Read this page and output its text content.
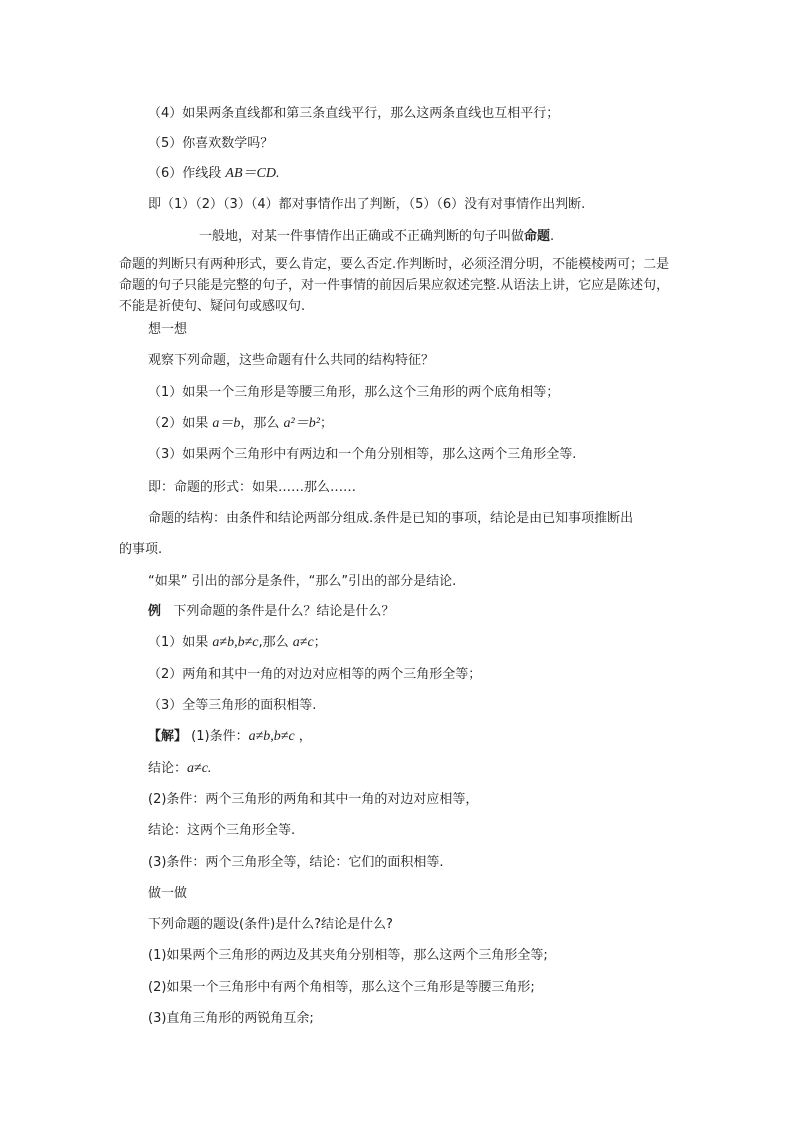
（4）如果两条直线都和第三条直线平行，那么这两条直线也互相平行；
（5）你喜欢数学吗？
（6）作线段 AB＝CD.
即（1）（2）（3）（4）都对事情作出了判断，（5）（6）没有对事情作出判断.
一般地，对某一件事情作出正确或不正确判断的句子叫做命题.
命题的判断只有两种形式，要么肯定，要么否定.作判断时，必须泾渭分明，不能模棱两可；二是命题的句子只能是完整的句子，对一件事情的前因后果应叙述完整.从语法上讲，它应是陈述句，不能是祈使句、疑问句或感叹句.
想一想
观察下列命题，这些命题有什么共同的结构特征？
（1）如果一个三角形是等腰三角形，那么这个三角形的两个底角相等；
（2）如果 a＝b，那么 a²＝b²；
（3）如果两个三角形中有两边和一个角分别相等，那么这两个三角形全等.
即：命题的形式：如果……那么……
命题的结构：由条件和结论两部分组成.条件是已知的事项，结论是由已知事项推断出
的事项.
“如果” 引出的部分是条件，“那么”引出的部分是结论.
例 下列命题的条件是什么？结论是什么？
（1）如果 a≠b,b≠c,那么 a≠c；
（2）两角和其中一角的对边对应相等的两个三角形全等；
（3）全等三角形的面积相等.
【解】 (1)条件：a≠b,b≠c ，
结论：a≠c.
(2)条件：两个三角形的两角和其中一角的对边对应相等，
结论：这两个三角形全等.
(3)条件：两个三角形全等，结论：它们的面积相等.
做一做
下列命题的题设(条件)是什么?结论是什么?
(1)如果两个三角形的两边及其夹角分别相等，那么这两个三角形全等;
(2)如果一个三角形中有两个角相等，那么这个三角形是等腰三角形;
(3)直角三角形的两锐角互余;
